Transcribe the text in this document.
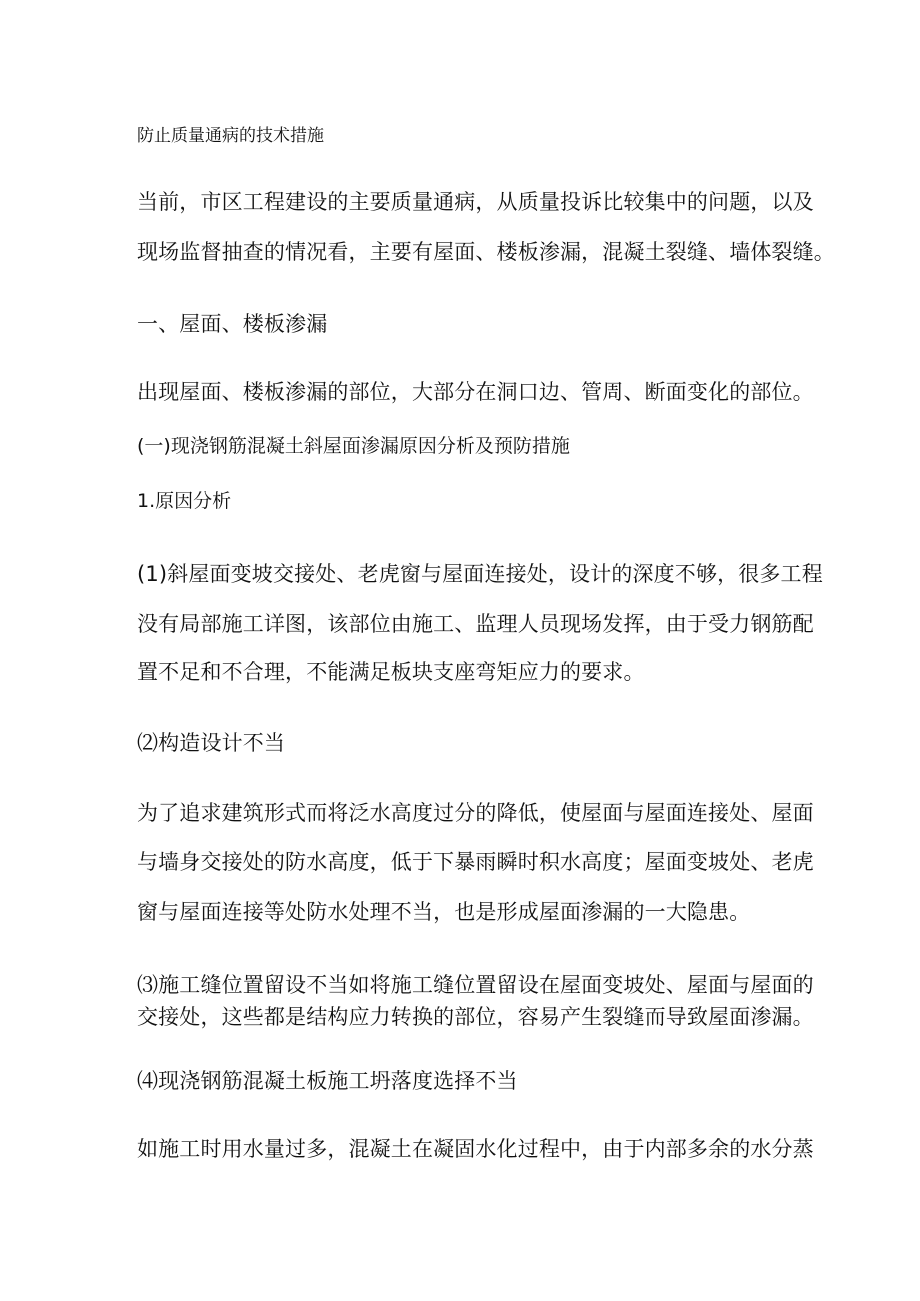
防止质量通病的技术措施

当前，市区工程建设的主要质量通病，从质量投诉比较集中的问题，以及

现场监督抽查的情况看，主要有屋面、楼板渗漏，混凝土裂缝、墙体裂缝。

一、屋面、楼板渗漏

出现屋面、楼板渗漏的部位，大部分在洞口边、管周、断面变化的部位。

(一)现浇钢筋混凝土斜屋面渗漏原因分析及预防措施

1.原因分析

(1)斜屋面变坡交接处、老虎窗与屋面连接处，设计的深度不够，很多工程

没有局部施工详图，该部位由施工、监理人员现场发挥，由于受力钢筋配

置不足和不合理，不能满足板块支座弯矩应力的要求。

⑵构造设计不当

为了追求建筑形式而将泛水高度过分的降低，使屋面与屋面连接处、屋面

与墙身交接处的防水高度，低于下暴雨瞬时积水高度；屋面变坡处、老虎

窗与屋面连接等处防水处理不当，也是形成屋面渗漏的一大隐患。

⑶施工缝位置留设不当如将施工缝位置留设在屋面变坡处、屋面与屋面的

交接处，这些都是结构应力转换的部位，容易产生裂缝而导致屋面渗漏。

⑷现浇钢筋混凝土板施工坍落度选择不当

如施工时用水量过多，混凝土在凝固水化过程中，由于内部多余的水分蒸
